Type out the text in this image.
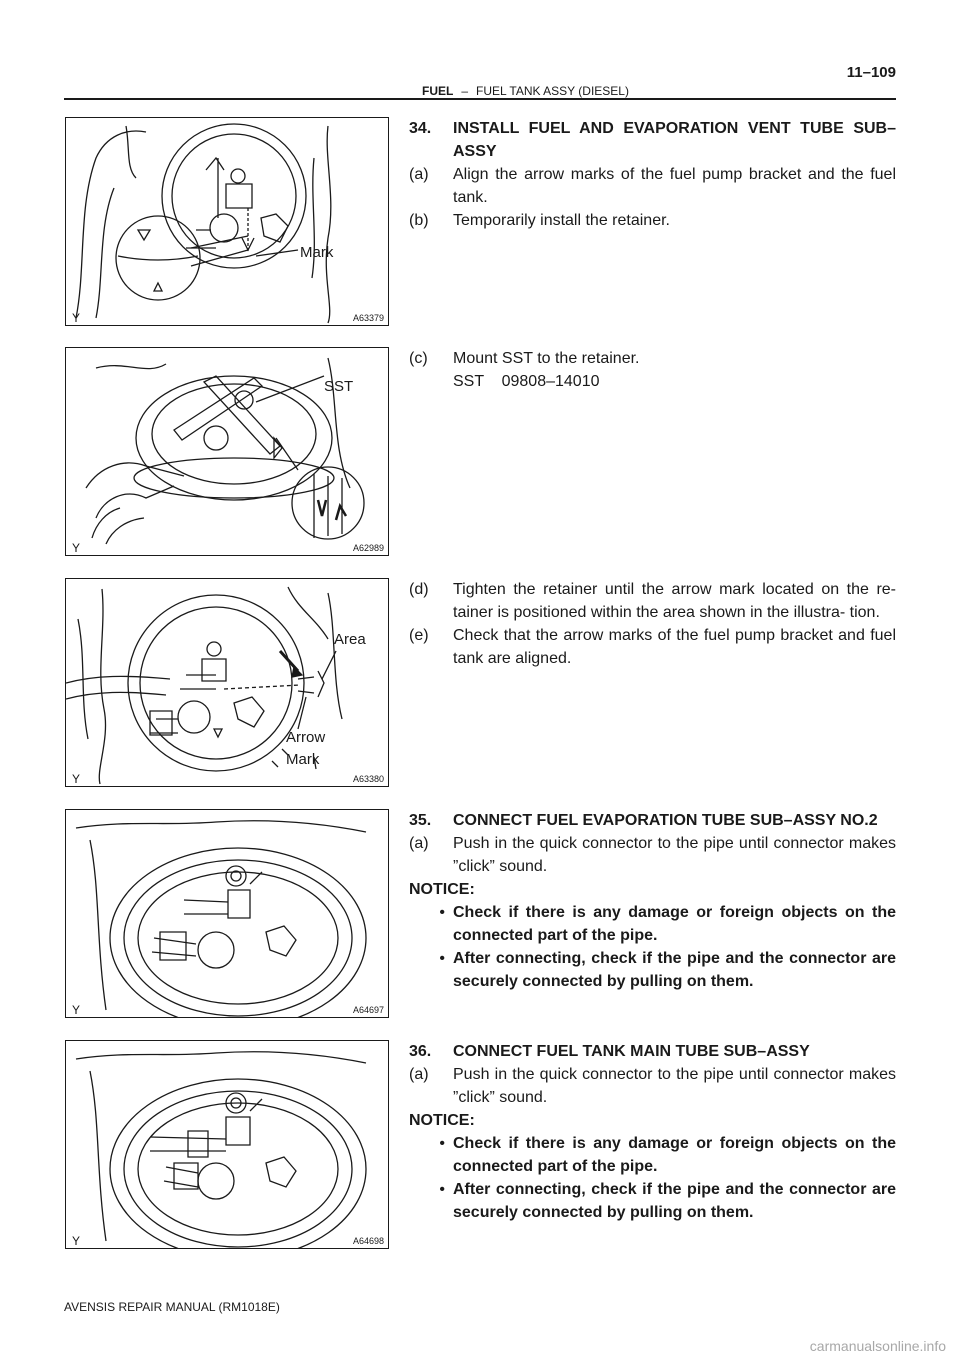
11–109
FUEL – FUEL TANK ASSY (DIESEL)
Mark
Y	A63379
SST
Y	A62989
Area
Arrow
Mark
Y	A63380
Y	A64697
Y	A64698
34.	INSTALL FUEL AND EVAPORATION VENT TUBE SUB–ASSY
(a)	Align the arrow marks of the fuel pump bracket and the fuel tank.
(b)	Temporarily install the retainer.
(c)	Mount SST to the retainer.
SST    09808–14010
(d)	Tighten the retainer until the arrow mark located on the re- tainer is positioned within the area shown in the illustra- tion.
(e)	Check that the arrow marks of the fuel pump bracket and fuel tank are aligned.
35.	CONNECT FUEL EVAPORATION TUBE SUB–ASSY NO.2
(a)	Push in the quick connector to the pipe until connector makes ”click” sound.
NOTICE:
• Check if there is any damage or foreign objects on the connected part of the pipe.
• After connecting, check if the pipe and the connector are securely connected by pulling on them.
36.	CONNECT FUEL TANK MAIN TUBE SUB–ASSY
(a)	Push in the quick connector to the pipe until connector makes ”click” sound.
NOTICE:
• Check if there is any damage or foreign objects on the connected part of the pipe.
• After connecting, check if the pipe and the connector are securely connected by pulling on them.
AVENSIS REPAIR MANUAL (RM1018E)
carmanualsonline.info
